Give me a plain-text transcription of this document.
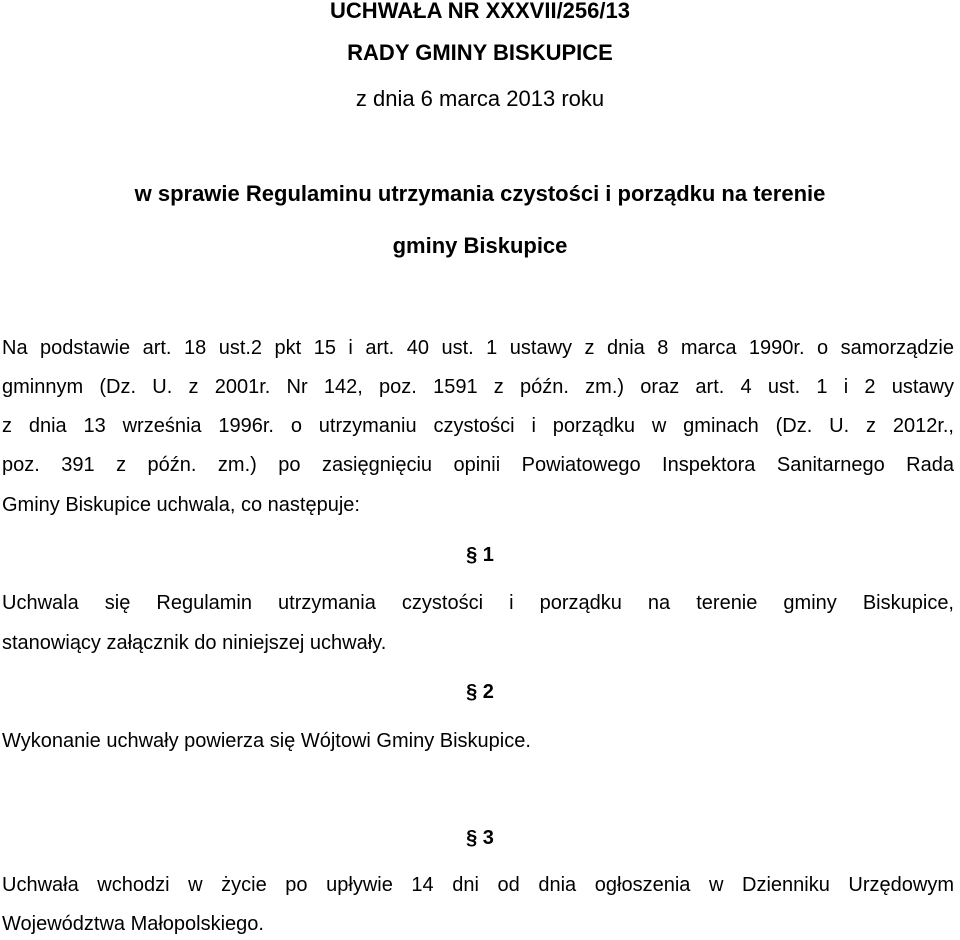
UCHWAŁA NR XXXVII/256/13
RADY GMINY BISKUPICE
z dnia 6 marca 2013 roku
w sprawie Regulaminu utrzymania czystości i porządku na terenie
gminy Biskupice
Na podstawie art. 18 ust.2 pkt 15 i art. 40 ust. 1 ustawy z dnia 8 marca 1990r. o samorządzie
gminnym (Dz. U. z 2001r. Nr 142, poz. 1591 z późn. zm.) oraz art. 4 ust. 1 i 2 ustawy
z dnia 13 września 1996r. o utrzymaniu czystości i porządku w gminach (Dz. U. z 2012r.,
poz. 391 z późn. zm.) po zasięgnięciu opinii Powiatowego Inspektora Sanitarnego Rada
Gminy Biskupice uchwala, co następuje:
§ 1
Uchwala się Regulamin utrzymania czystości i porządku na terenie gminy Biskupice,
stanowiący załącznik do niniejszej uchwały.
§ 2
Wykonanie uchwały powierza się Wójtowi Gminy Biskupice.
§ 3
Uchwała wchodzi w życie po upływie 14 dni od dnia ogłoszenia w Dzienniku Urzędowym
Województwa Małopolskiego.
